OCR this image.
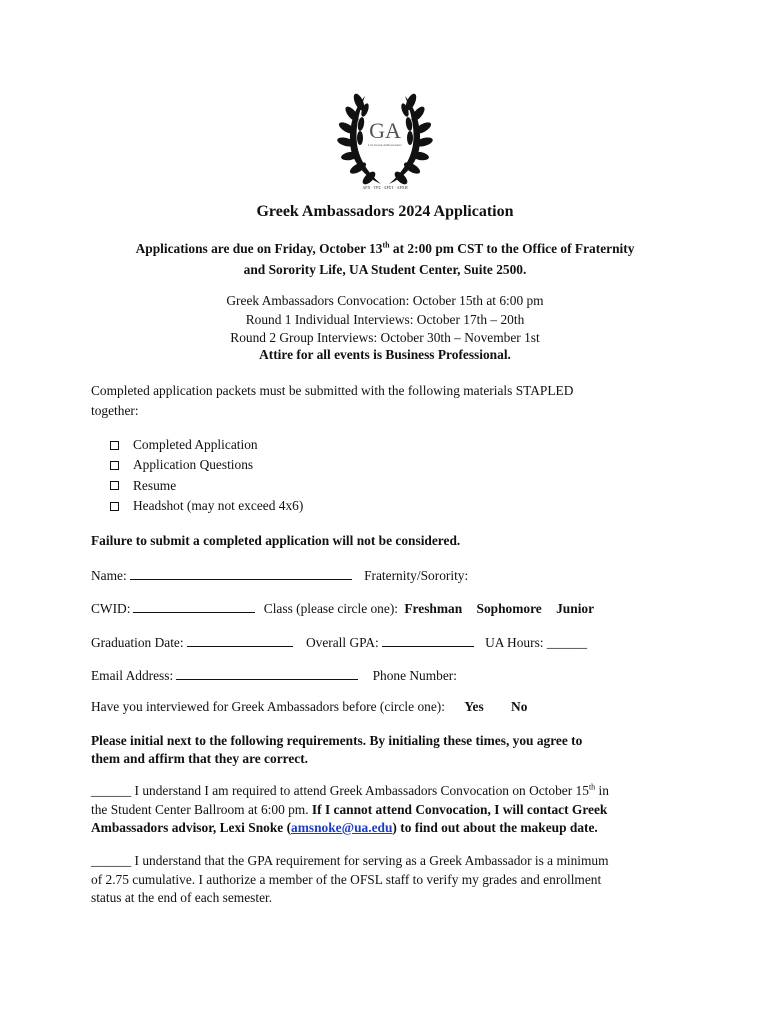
GA
UA Greek Ambassadors
ΑΡΧ · ΤΡΣ · ΛΡΣΤ · ΑΡΧΗ
Greek Ambassadors 2024 Application
Applications are due on Friday, October 13th at 2:00 pm CST to the Office of Fraternity
and Sorority Life, UA Student Center, Suite 2500.
Greek Ambassadors Convocation: October 15th at 6:00 pm
Round 1 Individual Interviews: October 17th – 20th
Round 2 Group Interviews: October 30th – November 1st
Attire for all events is Business Professional.
Completed application packets must be submitted with the following materials STAPLED
together:
Completed Application
Application Questions
Resume
Headshot (may not exceed 4x6)
Failure to submit a completed application will not be considered.
Name:	Fraternity/Sorority:
CWID:	Class (please circle one): Freshman Sophomore Junior
Graduation Date:	Overall GPA:	UA Hours: ______
Email Address:	Phone Number:
Have you interviewed for Greek Ambassadors before (circle one): Yes No
Please initial next to the following requirements. By initialing these times, you agree to
them and affirm that they are correct.
______ I understand I am required to attend Greek Ambassadors Convocation on October 15th in
the Student Center Ballroom at 6:00 pm. If I cannot attend Convocation, I will contact Greek
Ambassadors advisor, Lexi Snoke (amsnoke@ua.edu) to find out about the makeup date.
______ I understand that the GPA requirement for serving as a Greek Ambassador is a minimum
of 2.75 cumulative. I authorize a member of the OFSL staff to verify my grades and enrollment
status at the end of each semester.
